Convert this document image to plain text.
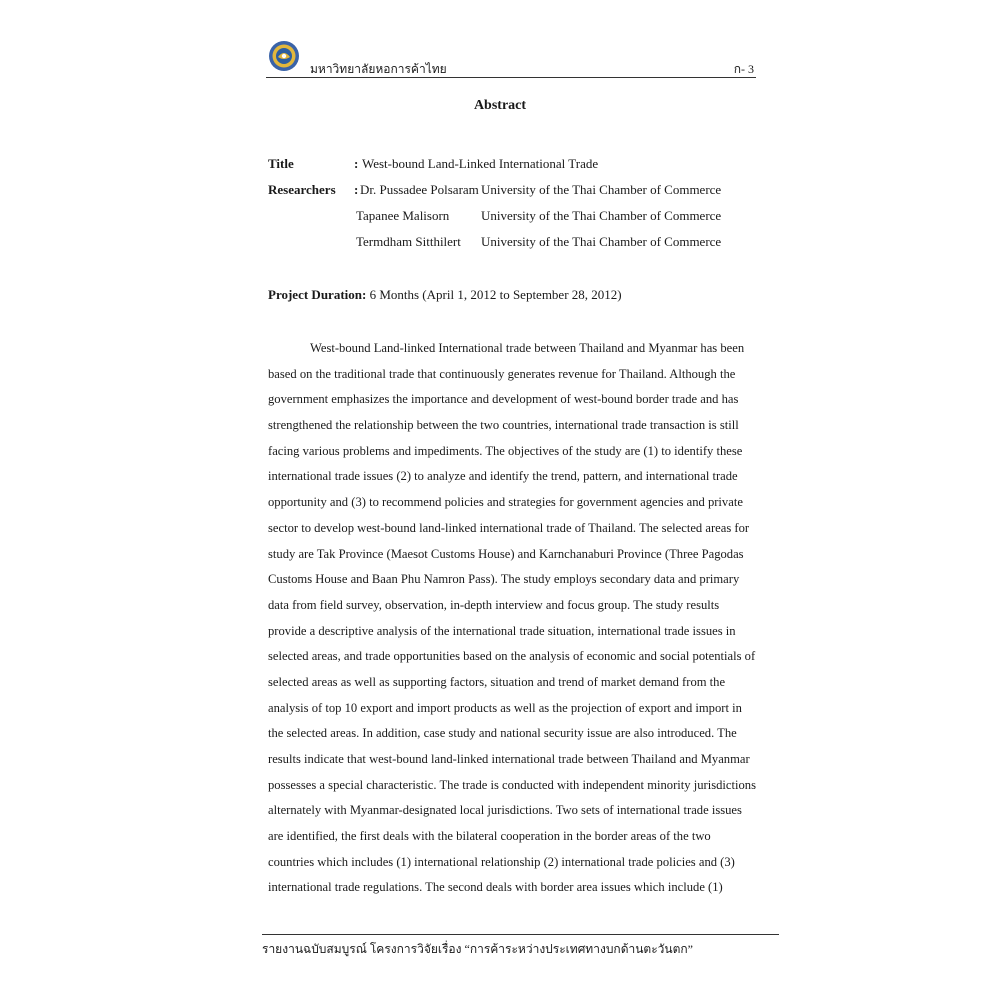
มหาวิทยาลัยหอการค้าไทย	ก- 3
Abstract
Title	: West-bound Land-Linked International Trade
Researchers : Dr. Pussadee Polsaram University of the Thai Chamber of Commerce
Tapanee Malisorn University of the Thai Chamber of Commerce
Termdham Sitthilert University of the Thai Chamber of Commerce
Project Duration: 6 Months (April 1, 2012 to September 28, 2012)
West-bound Land-linked International trade between Thailand and Myanmar has been
based on the traditional trade that continuously generates revenue for Thailand. Although the
government emphasizes the importance and development of west-bound border trade and has
strengthened the relationship between the two countries, international trade transaction is still
facing various problems and impediments. The objectives of the study are (1) to identify these
international trade issues (2) to analyze and identify the trend, pattern, and international trade
opportunity and (3) to recommend policies and strategies for government agencies and private
sector to develop west-bound land-linked international trade of Thailand. The selected areas for
study are Tak Province (Maesot Customs House) and Karnchanaburi Province (Three Pagodas
Customs House and Baan Phu Namron Pass). The study employs secondary data and primary
data from field survey, observation, in-depth interview and focus group. The study results
provide a descriptive analysis of the international trade situation, international trade issues in
selected areas, and trade opportunities based on the analysis of economic and social potentials of
selected areas as well as supporting factors, situation and trend of market demand from the
analysis of top 10 export and import products as well as the projection of export and import in
the selected areas. In addition, case study and national security issue are also introduced. The
results indicate that west-bound land-linked international trade between Thailand and Myanmar
possesses a special characteristic. The trade is conducted with independent minority jurisdictions
alternately with Myanmar-designated local jurisdictions. Two sets of international trade issues
are identified, the first deals with the bilateral cooperation in the border areas of the two
countries which includes (1) international relationship (2) international trade policies and (3)
international trade regulations. The second deals with border area issues which include (1)
รายงานฉบับสมบูรณ์ โครงการวิจัยเรื่อง “การค้าระหว่างประเทศทางบกด้านตะวันตก”
